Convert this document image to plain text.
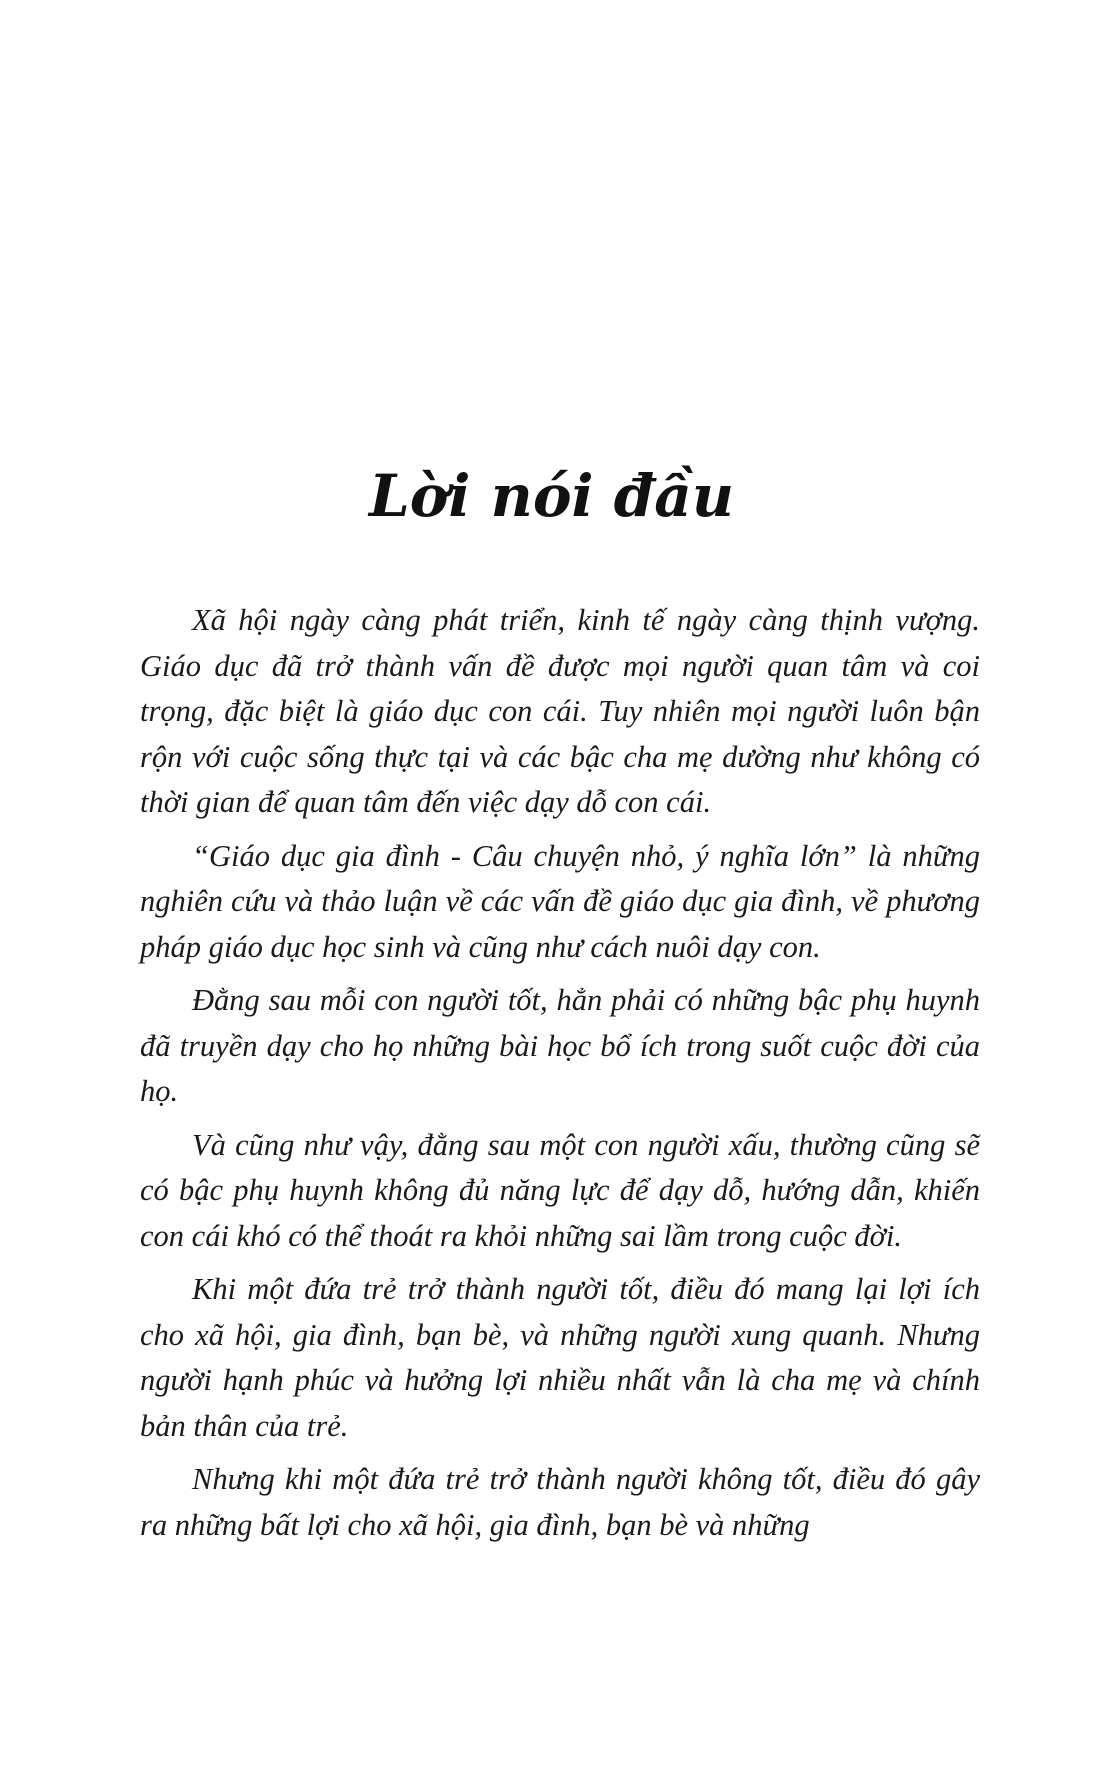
Lời nói đầu

Xã hội ngày càng phát triển, kinh tế ngày càng thịnh vượng. Giáo dục đã trở thành vấn đề được mọi người quan tâm và coi trọng, đặc biệt là giáo dục con cái. Tuy nhiên mọi người luôn bận rộn với cuộc sống thực tại và các bậc cha mẹ dường như không có thời gian để quan tâm đến việc dạy dỗ con cái.

“Giáo dục gia đình - Câu chuyện nhỏ, ý nghĩa lớn” là những nghiên cứu và thảo luận về các vấn đề giáo dục gia đình, về phương pháp giáo dục học sinh và cũng như cách nuôi dạy con.

Đằng sau mỗi con người tốt, hẳn phải có những bậc phụ huynh đã truyền dạy cho họ những bài học bổ ích trong suốt cuộc đời của họ.

Và cũng như vậy, đằng sau một con người xấu, thường cũng sẽ có bậc phụ huynh không đủ năng lực để dạy dỗ, hướng dẫn, khiến con cái khó có thể thoát ra khỏi những sai lầm trong cuộc đời.

Khi một đứa trẻ trở thành người tốt, điều đó mang lại lợi ích cho xã hội, gia đình, bạn bè, và những người xung quanh. Nhưng người hạnh phúc và hưởng lợi nhiều nhất vẫn là cha mẹ và chính bản thân của trẻ.

Nhưng khi một đứa trẻ trở thành người không tốt, điều đó gây ra những bất lợi cho xã hội, gia đình, bạn bè và những
